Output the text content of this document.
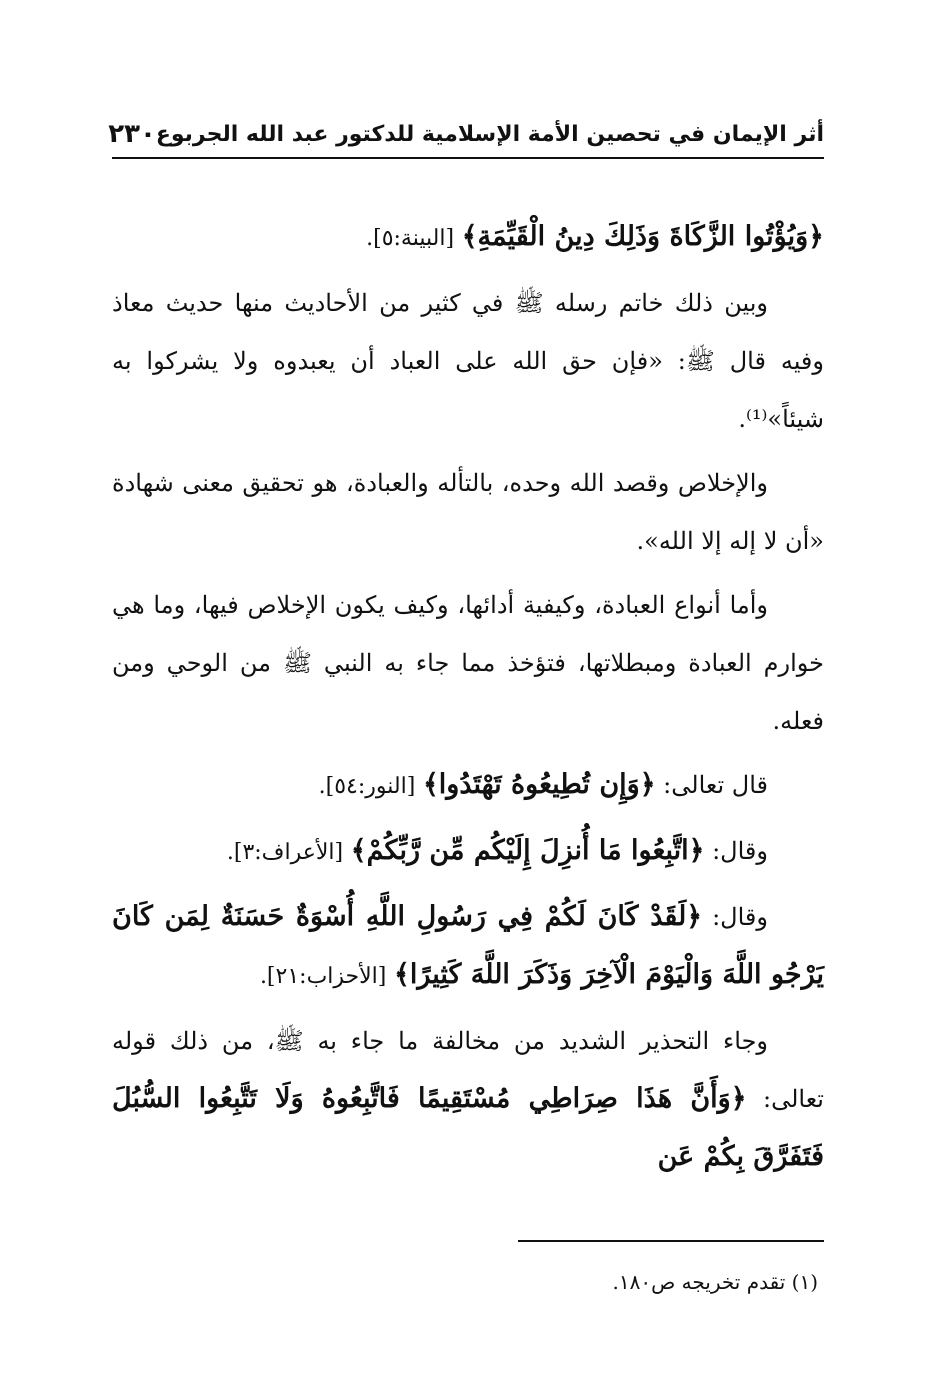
أثر الإيمان في تحصين الأمة الإسلامية للدكتور عبد الله الجربوع
٢٣٠

﴿وَيُؤْتُوا الزَّكَاةَ وَذَلِكَ دِينُ الْقَيِّمَةِ﴾ [البينة:٥].

وبين ذلك خاتم رسله ﷺ في كثير من الأحاديث منها حديث معاذ وفيه قال ﷺ: «فإن حق الله على العباد أن يعبدوه ولا يشركوا به شيئاً»⁽¹⁾.

والإخلاص وقصد الله وحده، بالتأله والعبادة، هو تحقيق معنى شهادة «أن لا إله إلا الله».

وأما أنواع العبادة، وكيفية أدائها، وكيف يكون الإخلاص فيها، وما هي خوارم العبادة ومبطلاتها، فتؤخذ مما جاء به النبي ﷺ من الوحي ومن فعله.

قال تعالى: ﴿وَإِن تُطِيعُوهُ تَهْتَدُوا﴾ [النور:٥٤].

وقال: ﴿اتَّبِعُوا مَا أُنزِلَ إِلَيْكُم مِّن رَّبِّكُمْ﴾ [الأعراف:٣].

وقال: ﴿لَقَدْ كَانَ لَكُمْ فِي رَسُولِ اللَّهِ أُسْوَةٌ حَسَنَةٌ لِمَن كَانَ يَرْجُو اللَّهَ وَالْيَوْمَ الْآخِرَ وَذَكَرَ اللَّهَ كَثِيرًا﴾ [الأحزاب:٢١].

وجاء التحذير الشديد من مخالفة ما جاء به ﷺ، من ذلك قوله تعالى: ﴿وَأَنَّ هَذَا صِرَاطِي مُسْتَقِيمًا فَاتَّبِعُوهُ وَلَا تَتَّبِعُوا السُّبُلَ فَتَفَرَّقَ بِكُمْ عَن

(١) تقدم تخريجه ص١٨٠.
